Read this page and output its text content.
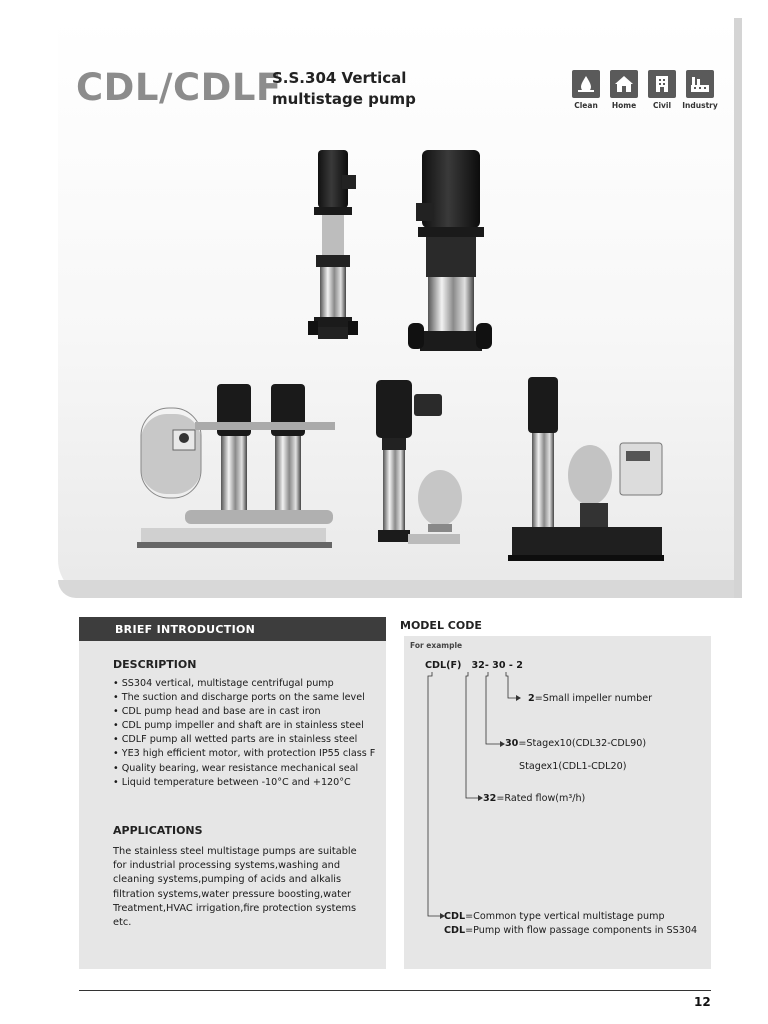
CDL/CDLF
S.S.304 Vertical
multistage pump	Clean Home Civil Industry
BRIEF INTRODUCTION
DESCRIPTION
• SS304 vertical, multistage centrifugal pump
• The suction and discharge ports on the same level
• CDL pump head and base are in cast iron
• CDL pump impeller and shaft are in stainless steel
• CDLF pump all wetted parts are in stainless steel
• YE3 high efficient motor, with protection IP55 class F
• Quality bearing, wear resistance mechanical seal
• Liquid temperature between -10°C and +120°C
APPLICATIONS
The stainless steel multistage pumps are suitable for industrial processing systems,washing and cleaning systems,pumping of acids and alkalis filtration systems,water pressure boosting,water Treatment,HVAC irrigation,fire protection systems etc.
MODEL CODE
For example
CDL(F) 32- 30 - 2
2=Small impeller number
30=Stagex10(CDL32-CDL90)
Stagex1(CDL1-CDL20)
32=Rated flow(m³/h)
CDL=Common type vertical multistage pump
CDL=Pump with flow passage components in SS304
12
